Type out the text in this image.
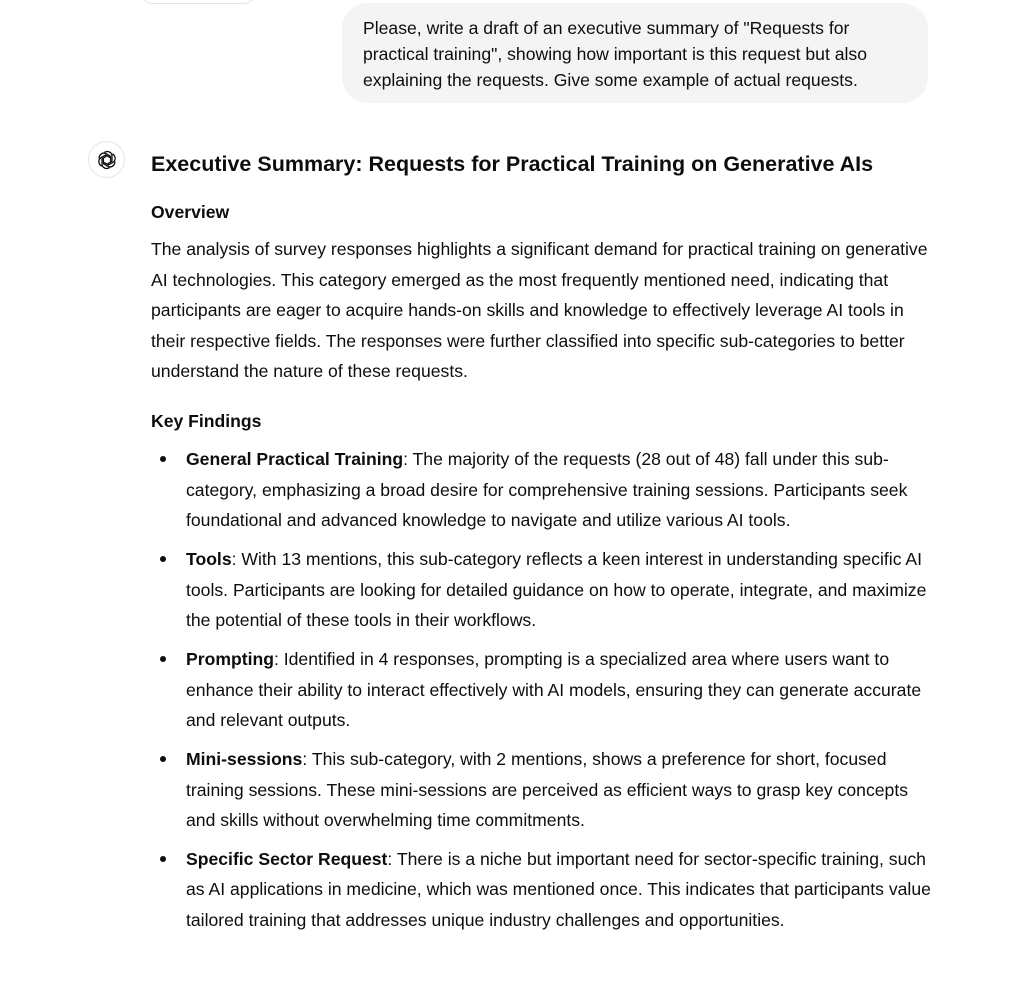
Please, write a draft of an executive summary of "Requests for practical training", showing how important is this request but also explaining the requests. Give some example of actual requests.

Executive Summary: Requests for Practical Training on Generative AIs
Overview

The analysis of survey responses highlights a significant demand for practical training on generative AI technologies. This category emerged as the most frequently mentioned need, indicating that participants are eager to acquire hands-on skills and knowledge to effectively leverage AI tools in their respective fields. The responses were further classified into specific sub-categories to better understand the nature of these requests.

Key Findings
General Practical Training: The majority of the requests (28 out of 48) fall under this sub-category, emphasizing a broad desire for comprehensive training sessions. Participants seek foundational and advanced knowledge to navigate and utilize various AI tools.
Tools: With 13 mentions, this sub-category reflects a keen interest in understanding specific AI tools. Participants are looking for detailed guidance on how to operate, integrate, and maximize the potential of these tools in their workflows.
Prompting: Identified in 4 responses, prompting is a specialized area where users want to enhance their ability to interact effectively with AI models, ensuring they can generate accurate and relevant outputs.
Mini-sessions: This sub-category, with 2 mentions, shows a preference for short, focused training sessions. These mini-sessions are perceived as efficient ways to grasp key concepts and skills without overwhelming time commitments.
Specific Sector Request: There is a niche but important need for sector-specific training, such as AI applications in medicine, which was mentioned once. This indicates that participants value tailored training that addresses unique industry challenges and opportunities.
